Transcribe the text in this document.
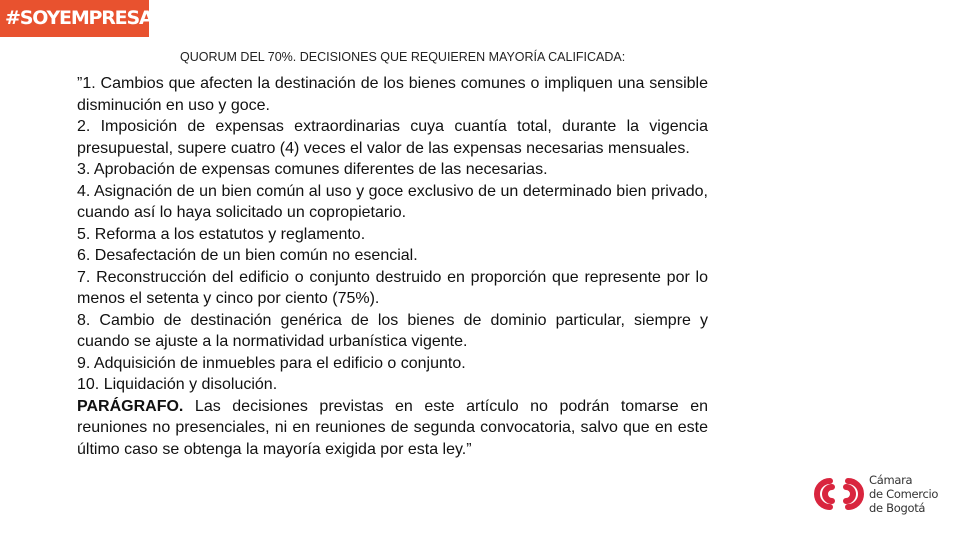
#SOYEMPRESARIO
QUORUM DEL 70%. DECISIONES QUE REQUIEREN MAYORÍA CALIFICADA:

”1. Cambios que afecten la destinación de los bienes comunes o impliquen una sensible disminución en uso y goce.

2. Imposición de expensas extraordinarias cuya cuantía total, durante la vigencia presupuestal, supere cuatro (4) veces el valor de las expensas necesarias mensuales.

3. Aprobación de expensas comunes diferentes de las necesarias.

4. Asignación de un bien común al uso y goce exclusivo de un determinado bien privado, cuando así lo haya solicitado un copropietario.

5. Reforma a los estatutos y reglamento.

6. Desafectación de un bien común no esencial.

7. Reconstrucción del edificio o conjunto destruido en proporción que represente por lo menos el setenta y cinco por ciento (75%).

8. Cambio de destinación genérica de los bienes de dominio particular, siempre y cuando se ajuste a la normatividad urbanística vigente.

9. Adquisición de inmuebles para el edificio o conjunto.

10. Liquidación y disolución.

PARÁGRAFO. Las decisiones previstas en este artículo no podrán tomarse en reuniones no presenciales, ni en reuniones de segunda convocatoria, salvo que en este último caso se obtenga la mayoría exigida por esta ley.”

Cámara
de Comercio
de Bogotá
